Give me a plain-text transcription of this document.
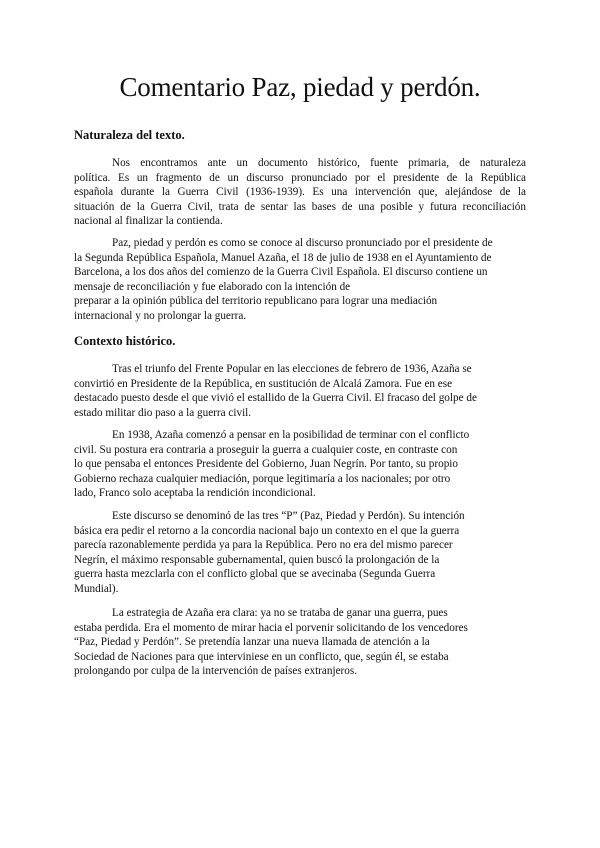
Comentario Paz, piedad y perdón.
Naturaleza del texto.

Nos encontramos ante un documento histórico, fuente primaria, de naturaleza
política. Es un fragmento de un discurso pronunciado por el presidente de la República
española durante la Guerra Civil (1936-1939). Es una intervención que, alejándose de la
situación de la Guerra Civil, trata de sentar las bases de una posible y futura reconciliación
nacional al finalizar la contienda.

Paz, piedad y perdón es como se conoce al discurso pronunciado por el presidente de
la Segunda República Española, Manuel Azaña, el 18 de julio de 1938 en el Ayuntamiento de
Barcelona, a los dos años del comienzo de la Guerra Civil Española. El discurso contiene un
mensaje de reconciliación y fue elaborado con la intención de
preparar a la opinión pública del territorio republicano para lograr una mediación
internacional y no prolongar la guerra.

Contexto histórico.

Tras el triunfo del Frente Popular en las elecciones de febrero de 1936, Azaña se
convirtió en Presidente de la República, en sustitución de Alcalá Zamora. Fue en ese
destacado puesto desde el que vivió el estallido de la Guerra Civil. El fracaso del golpe de
estado militar dio paso a la guerra civil.

En 1938, Azaña comenzó a pensar en la posibilidad de terminar con el conflicto
civil. Su postura era contraria a proseguir la guerra a cualquier coste, en contraste con
lo que pensaba el entonces Presidente del Gobierno, Juan Negrín. Por tanto, su propio
Gobierno rechaza cualquier mediación, porque legitimaría a los nacionales; por otro
lado, Franco solo aceptaba la rendición incondicional.

Este discurso se denominó de las tres “P” (Paz, Piedad y Perdón). Su intención
básica era pedir el retorno a la concordia nacional bajo un contexto en el que la guerra
parecía razonablemente perdida ya para la República. Pero no era del mismo parecer
Negrín, el máximo responsable gubernamental, quien buscó la prolongación de la
guerra hasta mezclarla con el conflicto global que se avecinaba (Segunda Guerra
Mundial).

La estrategia de Azaña era clara: ya no se trataba de ganar una guerra, pues
estaba perdida. Era el momento de mirar hacia el porvenir solicitando de los vencedores
“Paz, Piedad y Perdón”. Se pretendía lanzar una nueva llamada de atención a la
Sociedad de Naciones para que interviniese en un conflicto, que, según él, se estaba
prolongando por culpa de la intervención de países extranjeros.
